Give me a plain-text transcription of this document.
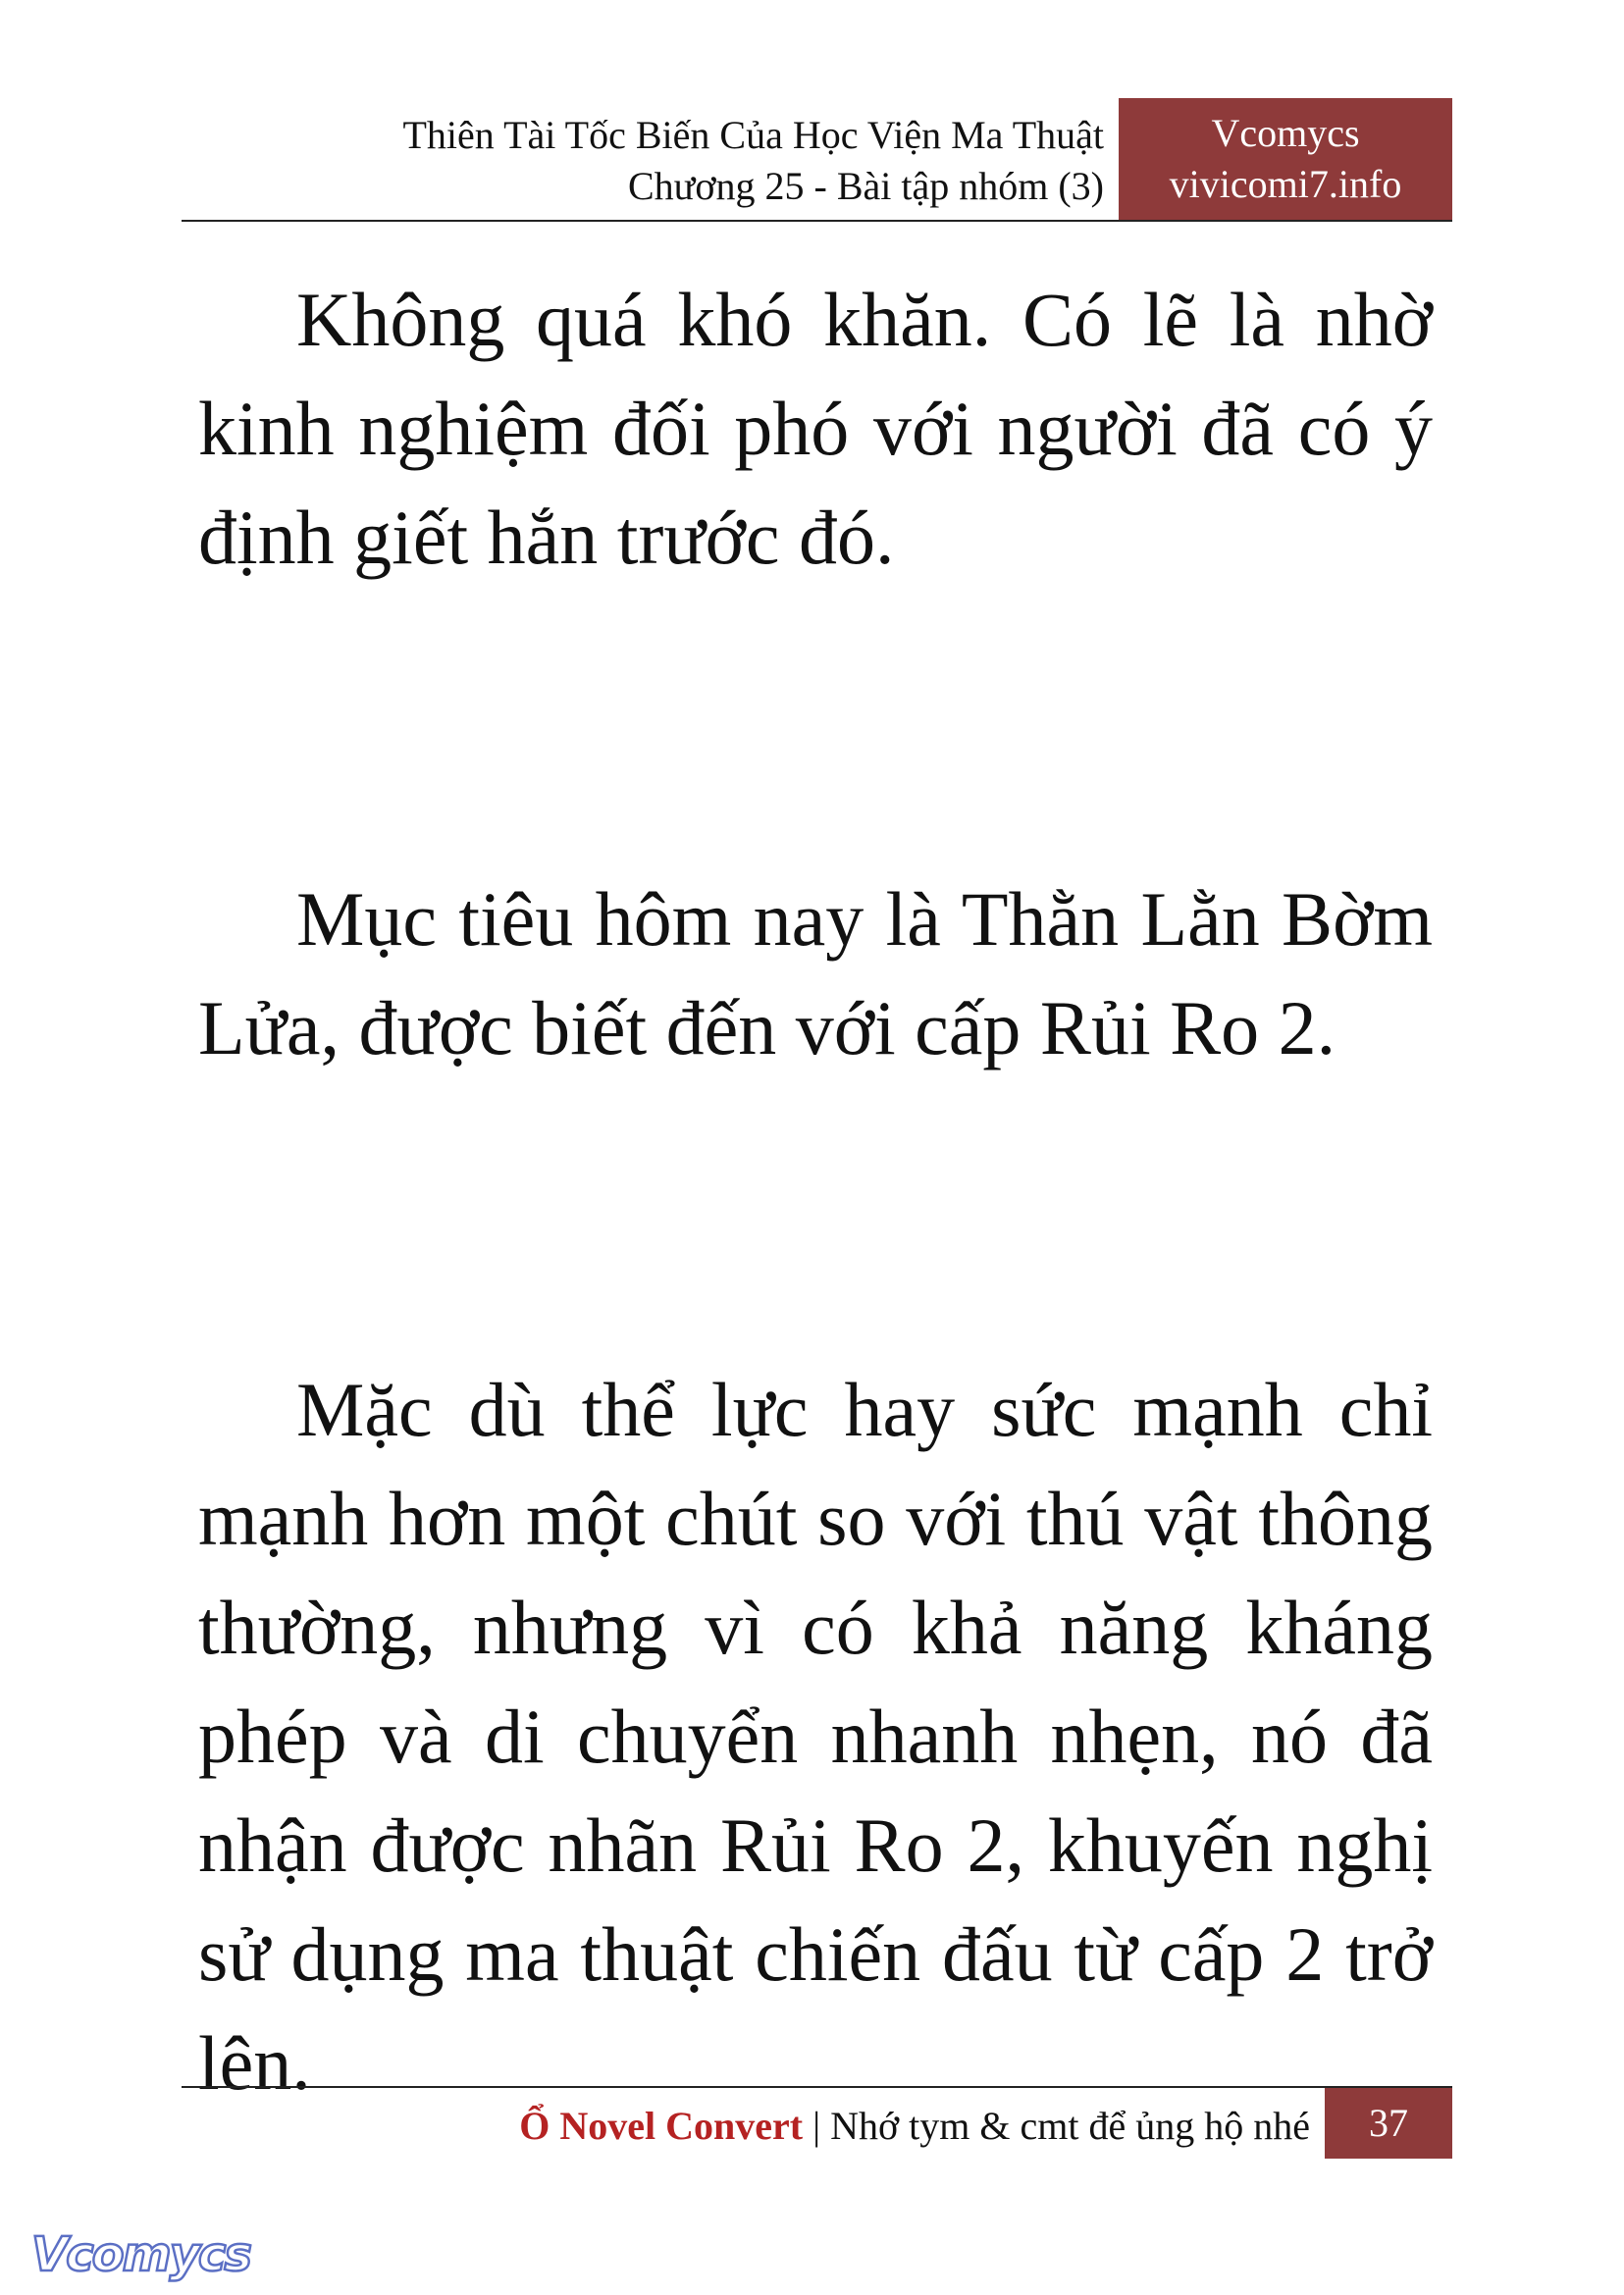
Thiên Tài Tốc Biến Của Học Viện Ma Thuật
Chương 25 - Bài tập nhóm (3)
Vcomycs
vivicomi7.info

Không quá khó khăn. Có lẽ là nhờ kinh nghiệm đối phó với người đã có ý định giết hắn trước đó.

Mục tiêu hôm nay là Thằn Lằn Bờm Lửa, được biết đến với cấp Rủi Ro 2.

Mặc dù thể lực hay sức mạnh chỉ mạnh hơn một chút so với thú vật thông thường, nhưng vì có khả năng kháng phép và di chuyển nhanh nhẹn, nó đã nhận được nhãn Rủi Ro 2, khuyến nghị sử dụng ma thuật chiến đấu từ cấp 2 trở lên.

Ổ Novel Convert | Nhớ tym & cmt để ủng hộ nhé	37
Vcomycs
